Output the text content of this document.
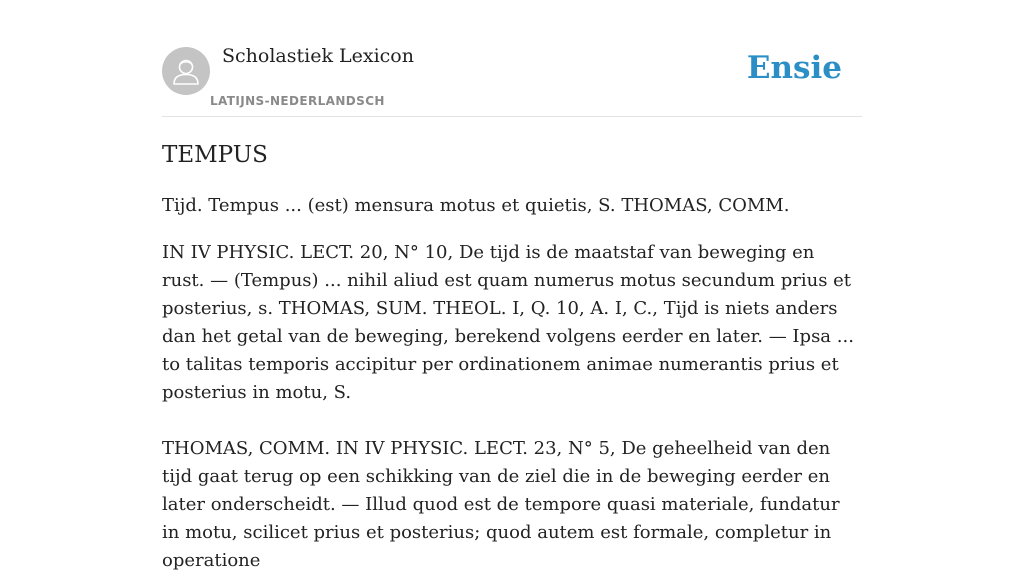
Scholastiek Lexicon
LATIJNS-NEDERLANDSCH
Ensie
TEMPUS

Tijd. Tempus ... (est) mensura motus et quietis, S. THOMAS, COMM.

IN IV PHYSIC. LECT. 20, N° 10, De tijd is de maatstaf van beweging en rust. — (Tempus) ... nihil aliud est quam numerus motus secundum prius et posterius, s. THOMAS, SUM. THEOL. I, Q. 10, A. I, C., Tijd is niets anders dan het getal van de beweging, berekend volgens eerder en later. — Ipsa ... to talitas temporis accipitur per ordinationem animae numerantis prius et posterius in motu, S.

THOMAS, COMM. IN IV PHYSIC. LECT. 23, N° 5, De geheelheid van den tijd gaat terug op een schikking van de ziel die in de beweging eerder en later onderscheidt. — Illud quod est de tempore quasi materiale, fundatur in motu, scilicet prius et posterius; quod autem est formale, completur in operatione
